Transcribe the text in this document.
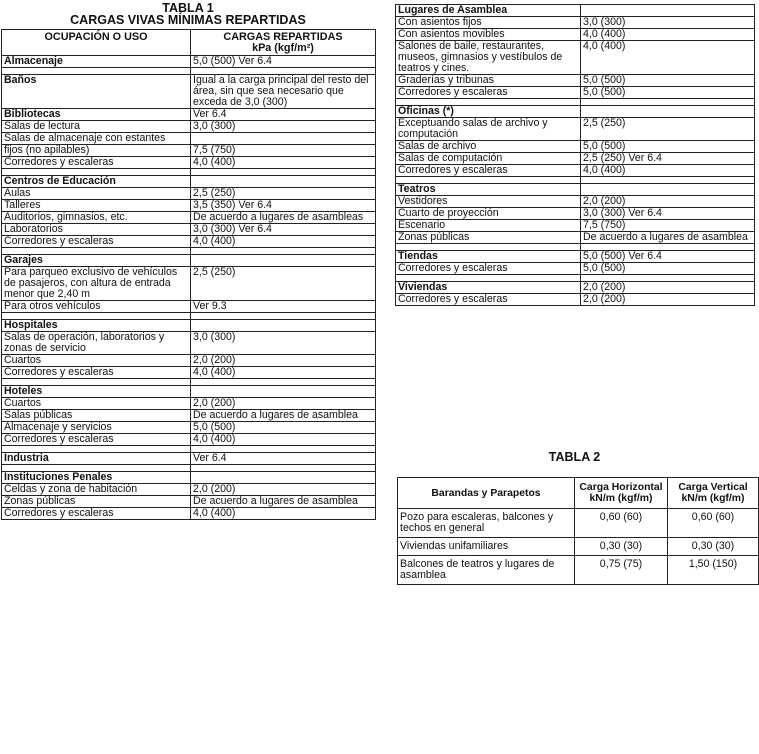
TABLA 1
CARGAS VIVAS MÍNIMAS REPARTIDAS
OCUPACIÓN O USO	CARGAS REPARTIDAS
kPa (kgf/m²)
Almacenaje	5,0 (500) Ver 6.4

Baños	Igual a la carga principal del resto del área, sin que sea necesario que exceda de 3,0 (300)
Bibliotecas	Ver 6.4
Salas de lectura	3,0 (300)
Salas de almacenaje con estantes	
fijos (no apilables)	7,5 (750)
Corredores y escaleras	4,0 (400)

Centros de Educación	
Aulas	2,5 (250)
Talleres	3,5 (350) Ver 6.4
Auditorios, gimnasios, etc.	De acuerdo a lugares de asambleas
Laboratorios	3,0 (300) Ver 6.4
Corredores y escaleras	4,0 (400)

Garajes	
Para parqueo exclusivo de vehículos de pasajeros, con altura de entrada menor que 2,40 m	2,5 (250)
Para otros vehículos	Ver 9.3

Hospitales	
Salas de operación, laboratorios y zonas de servicio	3,0 (300)
Cuartos	2,0 (200)
Corredores y escaleras	4,0 (400)

Hoteles	
Cuartos	2,0 (200)
Salas públicas	De acuerdo a lugares de asamblea
Almacenaje y servicios	5,0 (500)
Corredores y escaleras	4,0 (400)

Industria	Ver 6.4

Instituciones Penales	
Celdas y zona de habitación	2,0 (200)
Zonas públicas	De acuerdo a lugares de asamblea
Corredores y escaleras	4,0 (400)
Lugares de Asamblea	
Con asientos fijos	3,0 (300)
Con asientos movibles	4,0 (400)
Salones de baile, restaurantes, museos, gimnasios y vestíbulos de teatros y cines.	4,0 (400)
Graderías y tribunas	5,0 (500)
Corredores y escaleras	5,0 (500)

Oficinas (*)	
Exceptuando salas de archivo y computación	2,5 (250)
Salas de archivo	5,0 (500)
Salas de computación	2,5 (250) Ver 6.4
Corredores y escaleras	4,0 (400)

Teatros	
Vestidores	2,0 (200)
Cuarto de proyección	3,0 (300) Ver 6.4
Escenario	7,5 (750)
Zonas públicas	De acuerdo a lugares de asamblea

Tiendas	5,0 (500) Ver 6.4
Corredores y escaleras	5,0 (500)

Viviendas	2,0 (200)
Corredores y escaleras	2,0 (200)
TABLA 2
Barandas y Parapetos	Carga Horizontal kN/m (kgf/m)	Carga Vertical kN/m (kgf/m)
Pozo para escaleras, balcones y techos en general	0,60 (60)	0,60 (60)
Viviendas unifamiliares	0,30 (30)	0,30 (30)
Balcones de teatros y lugares de asamblea	0,75 (75)	1,50 (150)
